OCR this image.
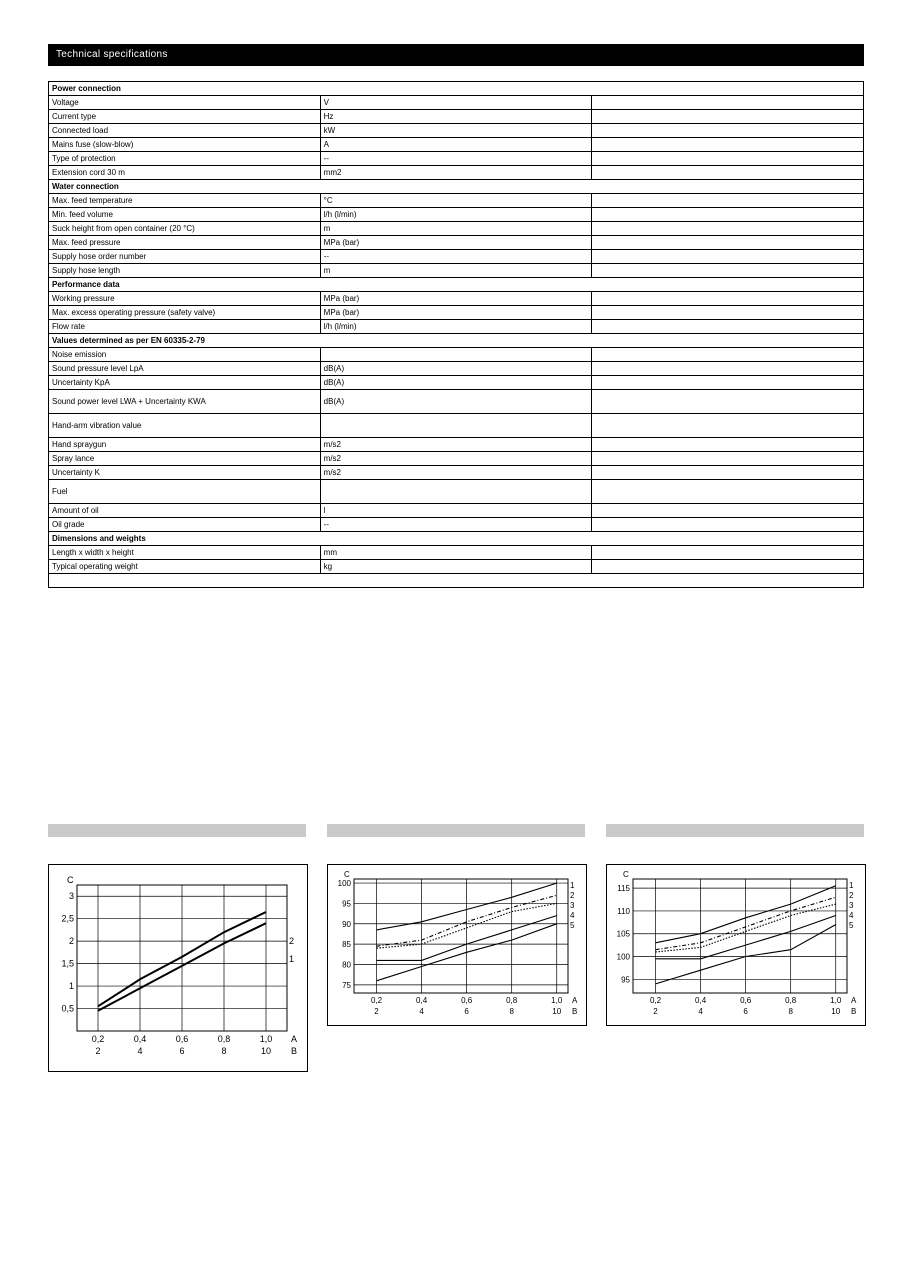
Technical specifications
Power connection		
Voltage	V	
Current type	Hz	
Connected load	kW	
Mains fuse (slow-blow)	A	
Type of protection	--	
Extension cord 30 m	mm2	
Water connection		
Max. feed temperature	°C	
Min. feed volume	l/h (l/min)	
Suck height from open container (20 °C)	m	
Max. feed pressure	MPa (bar)	
Supply hose order number	--	
Supply hose length	m	
Performance data		
Working pressure	MPa (bar)	
Max. excess operating pressure (safety valve)	MPa (bar)	
Flow rate	l/h (l/min)	
Values determined as per EN 60335-2-79		
Noise emission		
Sound pressure level LpA	dB(A)	
Uncertainty KpA	dB(A)	
Sound power level LWA + Uncertainty KWA	dB(A)	
Hand-arm vibration value		
Hand spraygun	m/s2	
Spray lance	m/s2	
Uncertainty K	m/s2	
Fuel		
Amount of oil	l	
Oil grade	--	
Dimensions and weights		
Length x width x height	mm	
Typical operating weight	kg	

0,5
1
1,5
2
2,5
3
C
0,2	0,4	0,6	0,8	1,0
2	4	6	8	10
A
B
2
1
75
80
85
90
95
100
C
0,2	0,4	0,6	0,8	1,0
2	4	6	8	10
A
B
1
2
3
4
5
95
100
105
110
115
C
0,2	0,4	0,6	0,8	1,0
2	4	6	8	10
A
B
1
2
3
4
5
